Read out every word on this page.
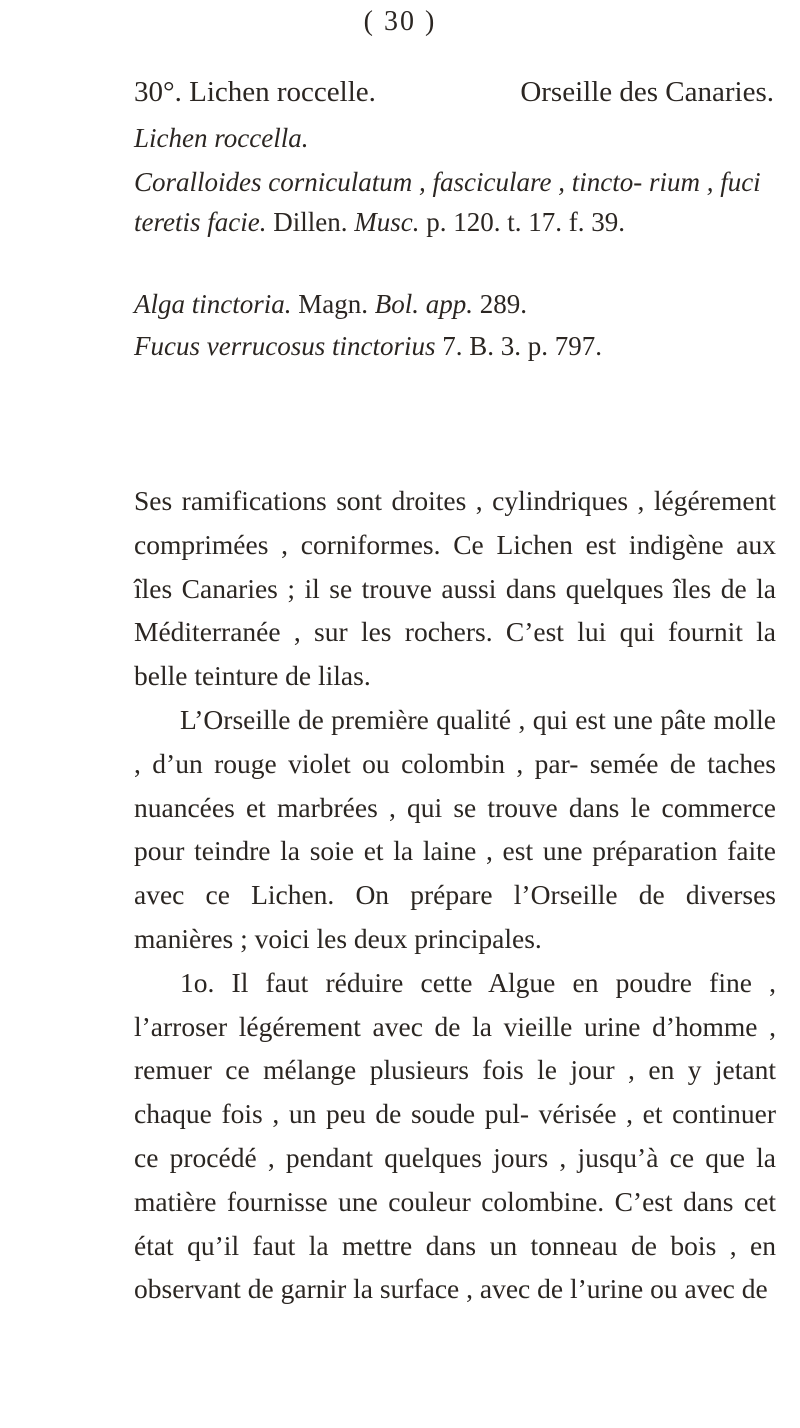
( 30 )
30°. Lichen roccelle.	Orseille des Canaries.

Lichen roccella.

Coralloides corniculatum , fasciculare , tincto- rium , fuci teretis facie. Dillen. Musc. p. 120. t. 17. f. 39.

Alga tinctoria. Magn. Bol. app. 289.

Fucus verrucosus tinctorius 7. B. 3. p. 797.

Ses ramifications sont droites , cylindriques , légérement comprimées , corniformes. Ce Lichen est indigène aux îles Canaries ; il se trouve aussi dans quelques îles de la Méditerranée , sur les rochers. C’est lui qui fournit la belle teinture de lilas.

L’Orseille de première qualité , qui est une pâte molle , d’un rouge violet ou colombin , par- semée de taches nuancées et marbrées , qui se trouve dans le commerce pour teindre la soie et la laine , est une préparation faite avec ce Lichen. On prépare l’Orseille de diverses manières ; voici les deux principales.

1o. Il faut réduire cette Algue en poudre fine , l’arroser légérement avec de la vieille urine d’homme , remuer ce mélange plusieurs fois le jour , en y jetant chaque fois , un peu de soude pul- vérisée , et continuer ce procédé , pendant quelques jours , jusqu’à ce que la matière fournisse une couleur colombine. C’est dans cet état qu’il faut la mettre dans un tonneau de bois , en observant de garnir la surface , avec de l’urine ou avec de
